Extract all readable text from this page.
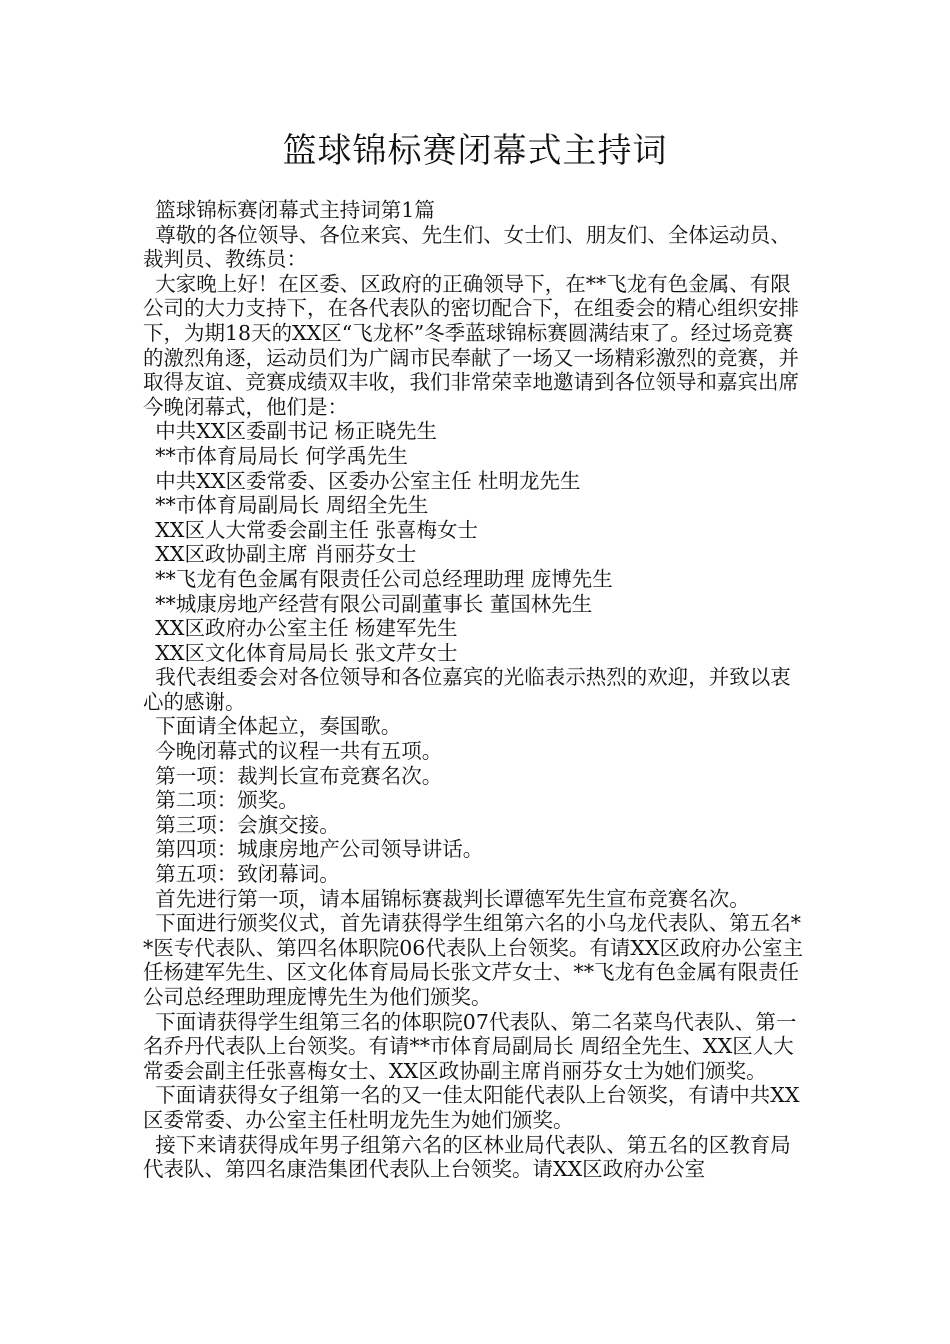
篮球锦标赛闭幕式主持词

篮球锦标赛闭幕式主持词第1篇

尊敬的各位领导、各位来宾、先生们、女士们、朋友们、全体运动员、裁判员、教练员：

大家晚上好！在区委、区政府的正确领导下，在**飞龙有色金属、有限公司的大力支持下，在各代表队的密切配合下，在组委会的精心组织安排下，为期18天的XX区“飞龙杯”冬季蓝球锦标赛圆满结束了。经过场竞赛的激烈角逐，运动员们为广阔市民奉献了一场又一场精彩激烈的竞赛，并取得友谊、竞赛成绩双丰收，我们非常荣幸地邀请到各位领导和嘉宾出席今晚闭幕式，他们是：

中共XX区委副书记 杨正晓先生

**市体育局局长 何学禹先生

中共XX区委常委、区委办公室主任 杜明龙先生

**市体育局副局长 周绍全先生

XX区人大常委会副主任 张喜梅女士

XX区政协副主席 肖丽芬女士

**飞龙有色金属有限责任公司总经理助理 庞博先生

**城康房地产经营有限公司副董事长 董国林先生

XX区政府办公室主任 杨建军先生

XX区文化体育局局长 张文芹女士

我代表组委会对各位领导和各位嘉宾的光临表示热烈的欢迎，并致以衷心的感谢。

下面请全体起立，奏国歌。

今晚闭幕式的议程一共有五项。

第一项：裁判长宣布竞赛名次。

第二项：颁奖。

第三项：会旗交接。

第四项：城康房地产公司领导讲话。

第五项：致闭幕词。

首先进行第一项，请本届锦标赛裁判长谭德军先生宣布竞赛名次。

下面进行颁奖仪式，首先请获得学生组第六名的小乌龙代表队、第五名**医专代表队、第四名体职院06代表队上台领奖。有请XX区政府办公室主任杨建军先生、区文化体育局局长张文芹女士、**飞龙有色金属有限责任公司总经理助理庞博先生为他们颁奖。

下面请获得学生组第三名的体职院07代表队、第二名菜鸟代表队、第一名乔丹代表队上台领奖。有请**市体育局副局长 周绍全先生、XX区人大常委会副主任张喜梅女士、XX区政协副主席肖丽芬女士为她们颁奖。

下面请获得女子组第一名的又一佳太阳能代表队上台领奖，有请中共XX区委常委、办公室主任杜明龙先生为她们颁奖。

接下来请获得成年男子组第六名的区林业局代表队、第五名的区教育局代表队、第四名康浩集团代表队上台领奖。请XX区政府办公室
